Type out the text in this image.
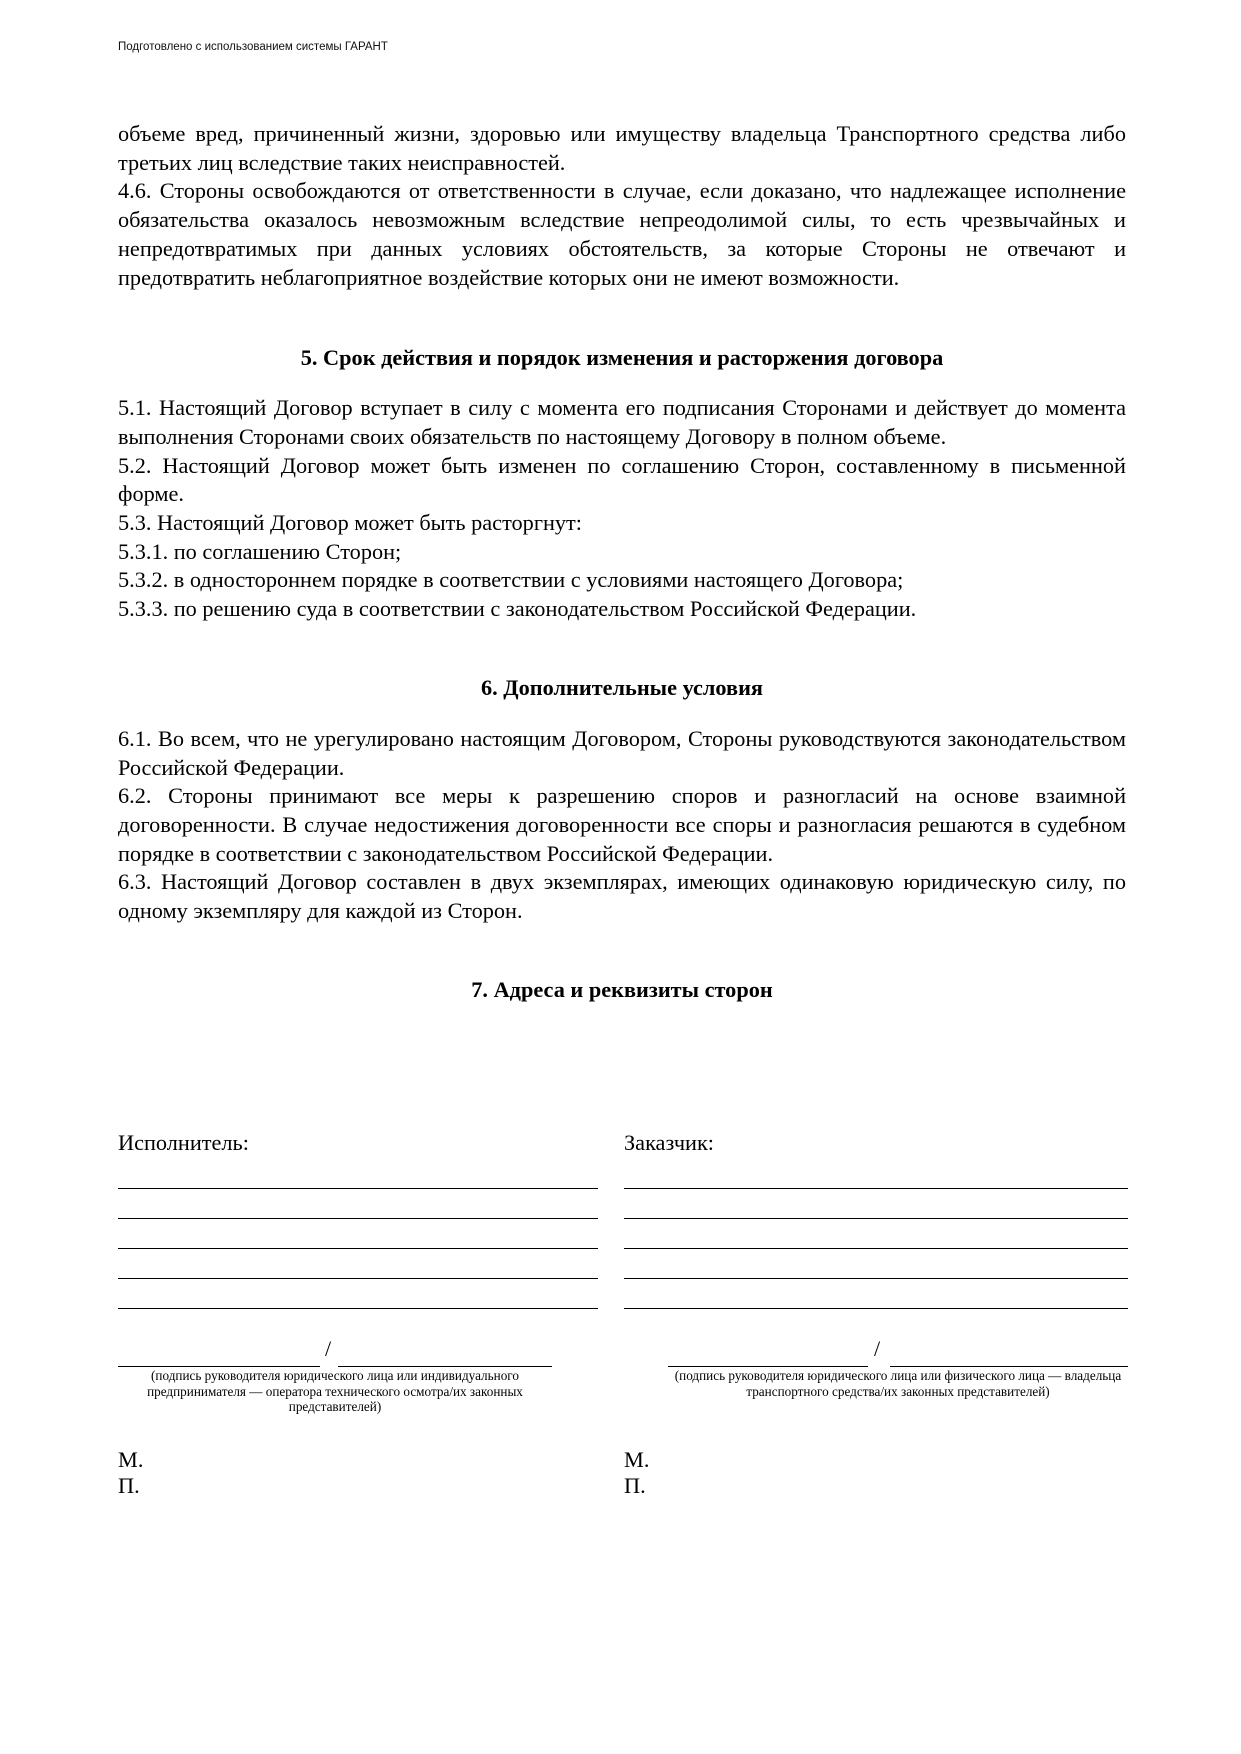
Подготовлено с использованием системы ГАРАНТ

объеме вред, причиненный жизни, здоровью или имуществу владельца Транспортного средства либо третьих лиц вследствие таких неисправностей.

4.6. Стороны освобождаются от ответственности в случае, если доказано, что надлежащее исполнение обязательства оказалось невозможным вследствие непреодолимой силы, то есть чрезвычайных и непредотвратимых при данных условиях обстоятельств, за которые Стороны не отвечают и предотвратить неблагоприятное воздействие которых они не имеют возможности.

5. Срок действия и порядок изменения и расторжения договора

5.1. Настоящий Договор вступает в силу с момента его подписания Сторонами и действует до момента выполнения Сторонами своих обязательств по настоящему Договору в полном объеме.

5.2. Настоящий Договор может быть изменен по соглашению Сторон, составленному в письменной форме.

5.3. Настоящий Договор может быть расторгнут:

5.3.1. по соглашению Сторон;

5.3.2. в одностороннем порядке в соответствии с условиями настоящего Договора;

5.3.3. по решению суда в соответствии с законодательством Российской Федерации.

6. Дополнительные условия

6.1. Во всем, что не урегулировано настоящим Договором, Стороны руководствуются законодательством Российской Федерации.

6.2. Стороны принимают все меры к разрешению споров и разногласий на основе взаимной договоренности. В случае недостижения договоренности все споры и разногласия решаются в судебном порядке в соответствии с законодательством Российской Федерации.

6.3. Настоящий Договор составлен в двух экземплярах, имеющих одинаковую юридическую силу, по одному экземпляру для каждой из Сторон.

7. Адреса и реквизиты сторон
Исполнитель:
/
(подпись руководителя юридического лица или индивидуального предпринимателя — оператора технического осмотра/их законных представителей)
М. П.
Заказчик:
/
(подпись руководителя юридического лица или физического лица — владельца транспортного средства/их законных представителей)
М. П.
